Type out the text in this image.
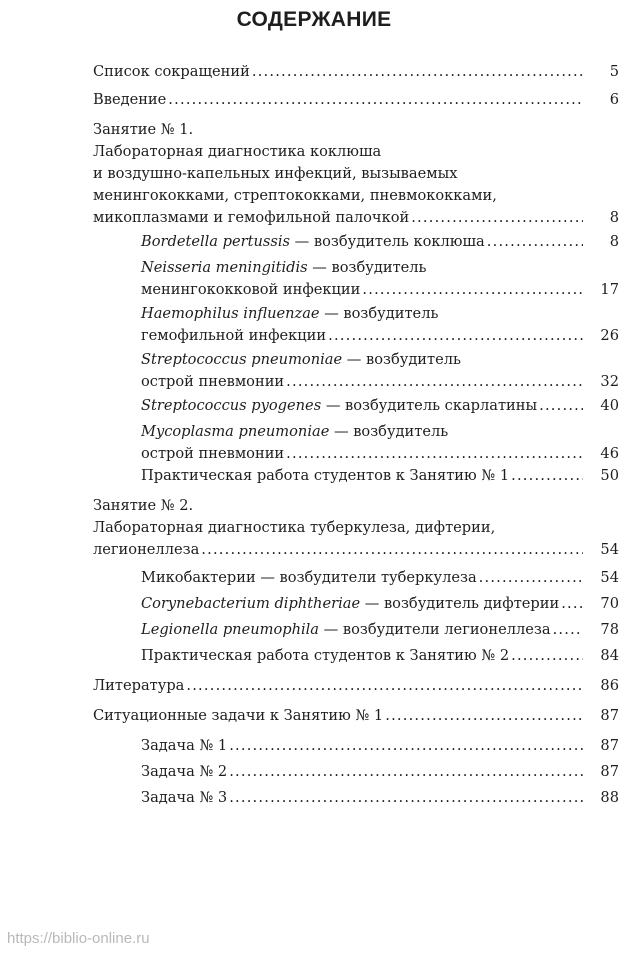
СОДЕРЖАНИЕ
Список сокращений .....	5
Введение .....	6
Занятие № 1.
Лабораторная диагностика коклюша
и воздушно-капельных инфекций, вызываемых
менингококками, стрептококками, пневмококками,
микоплазмами и гемофильной палочкой .....	8
Bordetella pertussis — возбудитель коклюша .....	8
Neisseria meningitidis — возбудитель
менингококковой инфекции .....	17
Haemophilus influenzae — возбудитель
гемофильной инфекции .....	26
Streptococcus pneumoniae — возбудитель
острой пневмонии .....	32
Streptococcus pyogenes — возбудитель скарлатины .....	40
Mycoplasma pneumoniae — возбудитель
острой пневмонии .....	46
Практическая работа студентов к Занятию № 1 .....	50
Занятие № 2.
Лабораторная диагностика туберкулеза, дифтерии,
легионеллеза .....	54
Микобактерии — возбудители туберкулеза .....	54
Corynebacterium diphtheriae — возбудитель дифтерии .....	70
Legionella pneumophila — возбудители легионеллеза .....	78
Практическая работа студентов к Занятию № 2 .....	84
Литература .....	86
Ситуационные задачи к Занятию № 1 .....	87
Задача № 1 .....	87
Задача № 2 .....	87
Задача № 3 .....	88
https://biblio-online.ru
